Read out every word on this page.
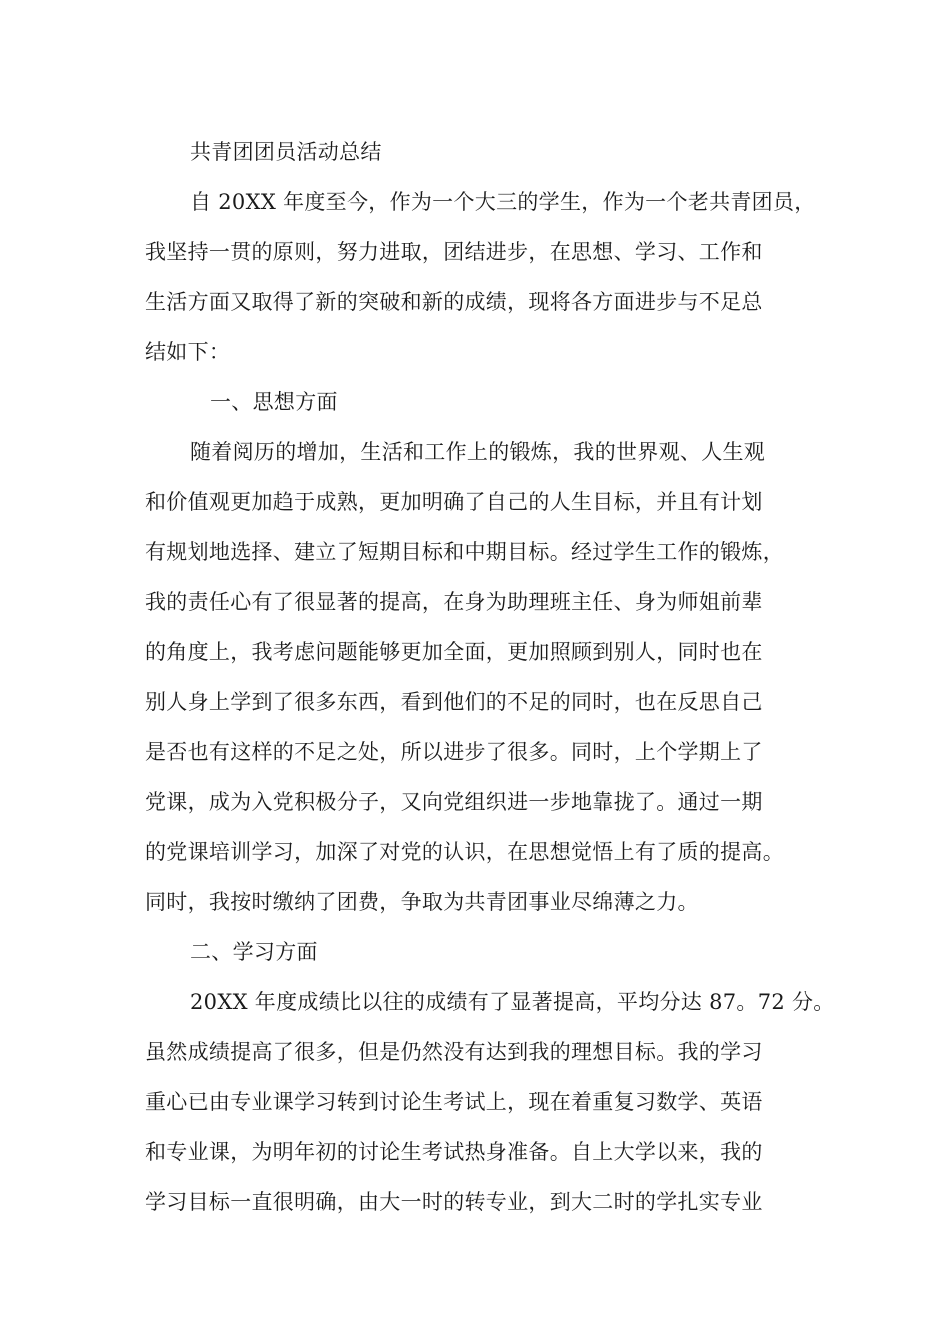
共青团团员活动总结
自 20XX 年度至今，作为一个大三的学生，作为一个老共青团员，
我坚持一贯的原则，努力进取，团结进步，在思想、学习、工作和
生活方面又取得了新的突破和新的成绩，现将各方面进步与不足总
结如下：
一、思想方面
随着阅历的增加，生活和工作上的锻炼，我的世界观、人生观
和价值观更加趋于成熟，更加明确了自己的人生目标，并且有计划
有规划地选择、建立了短期目标和中期目标。经过学生工作的锻炼，
我的责任心有了很显著的提高，在身为助理班主任、身为师姐前辈
的角度上，我考虑问题能够更加全面，更加照顾到别人，同时也在
别人身上学到了很多东西，看到他们的不足的同时，也在反思自己
是否也有这样的不足之处，所以进步了很多。同时，上个学期上了
党课，成为入党积极分子，又向党组织进一步地靠拢了。通过一期
的党课培训学习，加深了对党的认识，在思想觉悟上有了质的提高。
同时，我按时缴纳了团费，争取为共青团事业尽绵薄之力。
二、学习方面
20XX 年度成绩比以往的成绩有了显著提高，平均分达 87。72 分。
虽然成绩提高了很多，但是仍然没有达到我的理想目标。我的学习
重心已由专业课学习转到讨论生考试上，现在着重复习数学、英语
和专业课，为明年初的讨论生考试热身准备。自上大学以来，我的
学习目标一直很明确，由大一时的转专业，到大二时的学扎实专业
